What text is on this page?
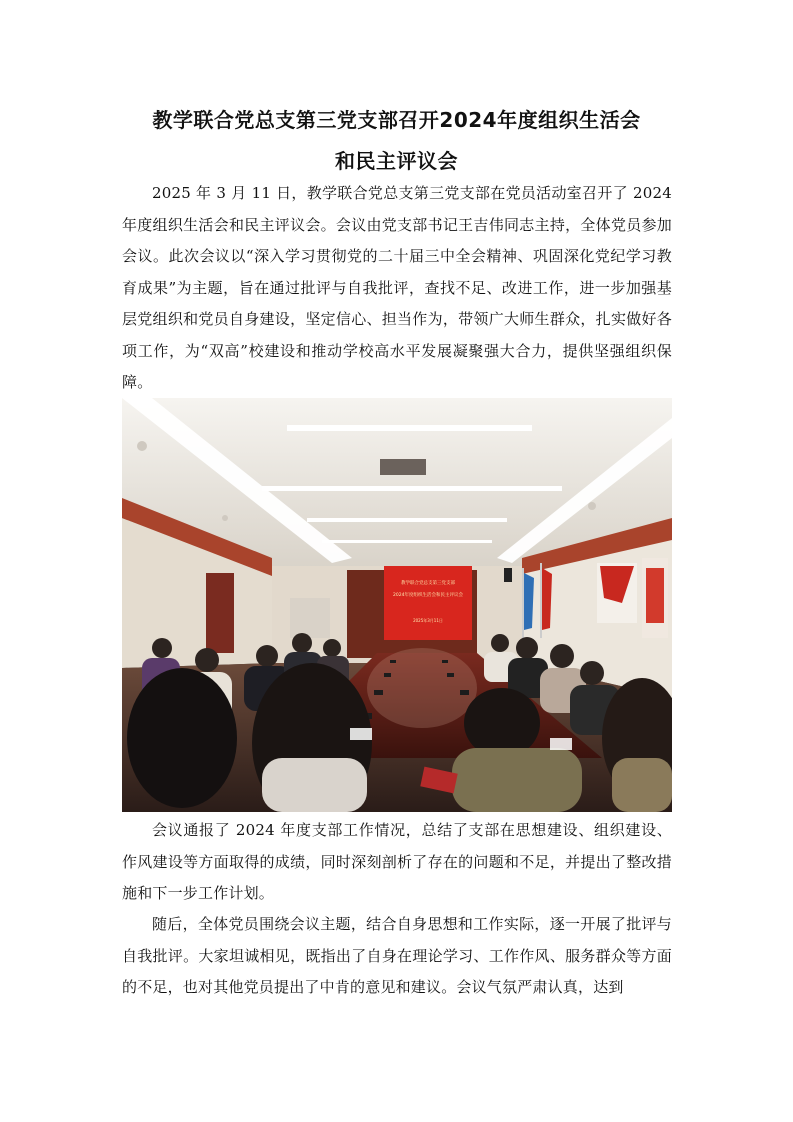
教学联合党总支第三党支部召开2024年度组织生活会
和民主评议会

2025 年 3 月 11 日，教学联合党总支第三党支部在党员活动室召开了 2024 年度组织生活会和民主评议会。会议由党支部书记王吉伟同志主持，全体党员参加会议。此次会议以“深入学习贯彻党的二十届三中全会精神、巩固深化党纪学习教育成果”为主题，旨在通过批评与自我批评，查找不足、改进工作，进一步加强基层党组织和党员自身建设，坚定信心、担当作为，带领广大师生群众，扎实做好各项工作，为“双高”校建设和推动学校高水平发展凝聚强大合力，提供坚强组织保障。

教学联合党总支第三党支部
2024年度组织生活会和民主评议会
2025年3月11日

会议通报了 2024 年度支部工作情况，总结了支部在思想建设、组织建设、作风建设等方面取得的成绩，同时深刻剖析了存在的问题和不足，并提出了整改措施和下一步工作计划。

随后，全体党员围绕会议主题，结合自身思想和工作实际，逐一开展了批评与自我批评。大家坦诚相见，既指出了自身在理论学习、工作作风、服务群众等方面的不足，也对其他党员提出了中肯的意见和建议。会议气氛严肃认真，达到
